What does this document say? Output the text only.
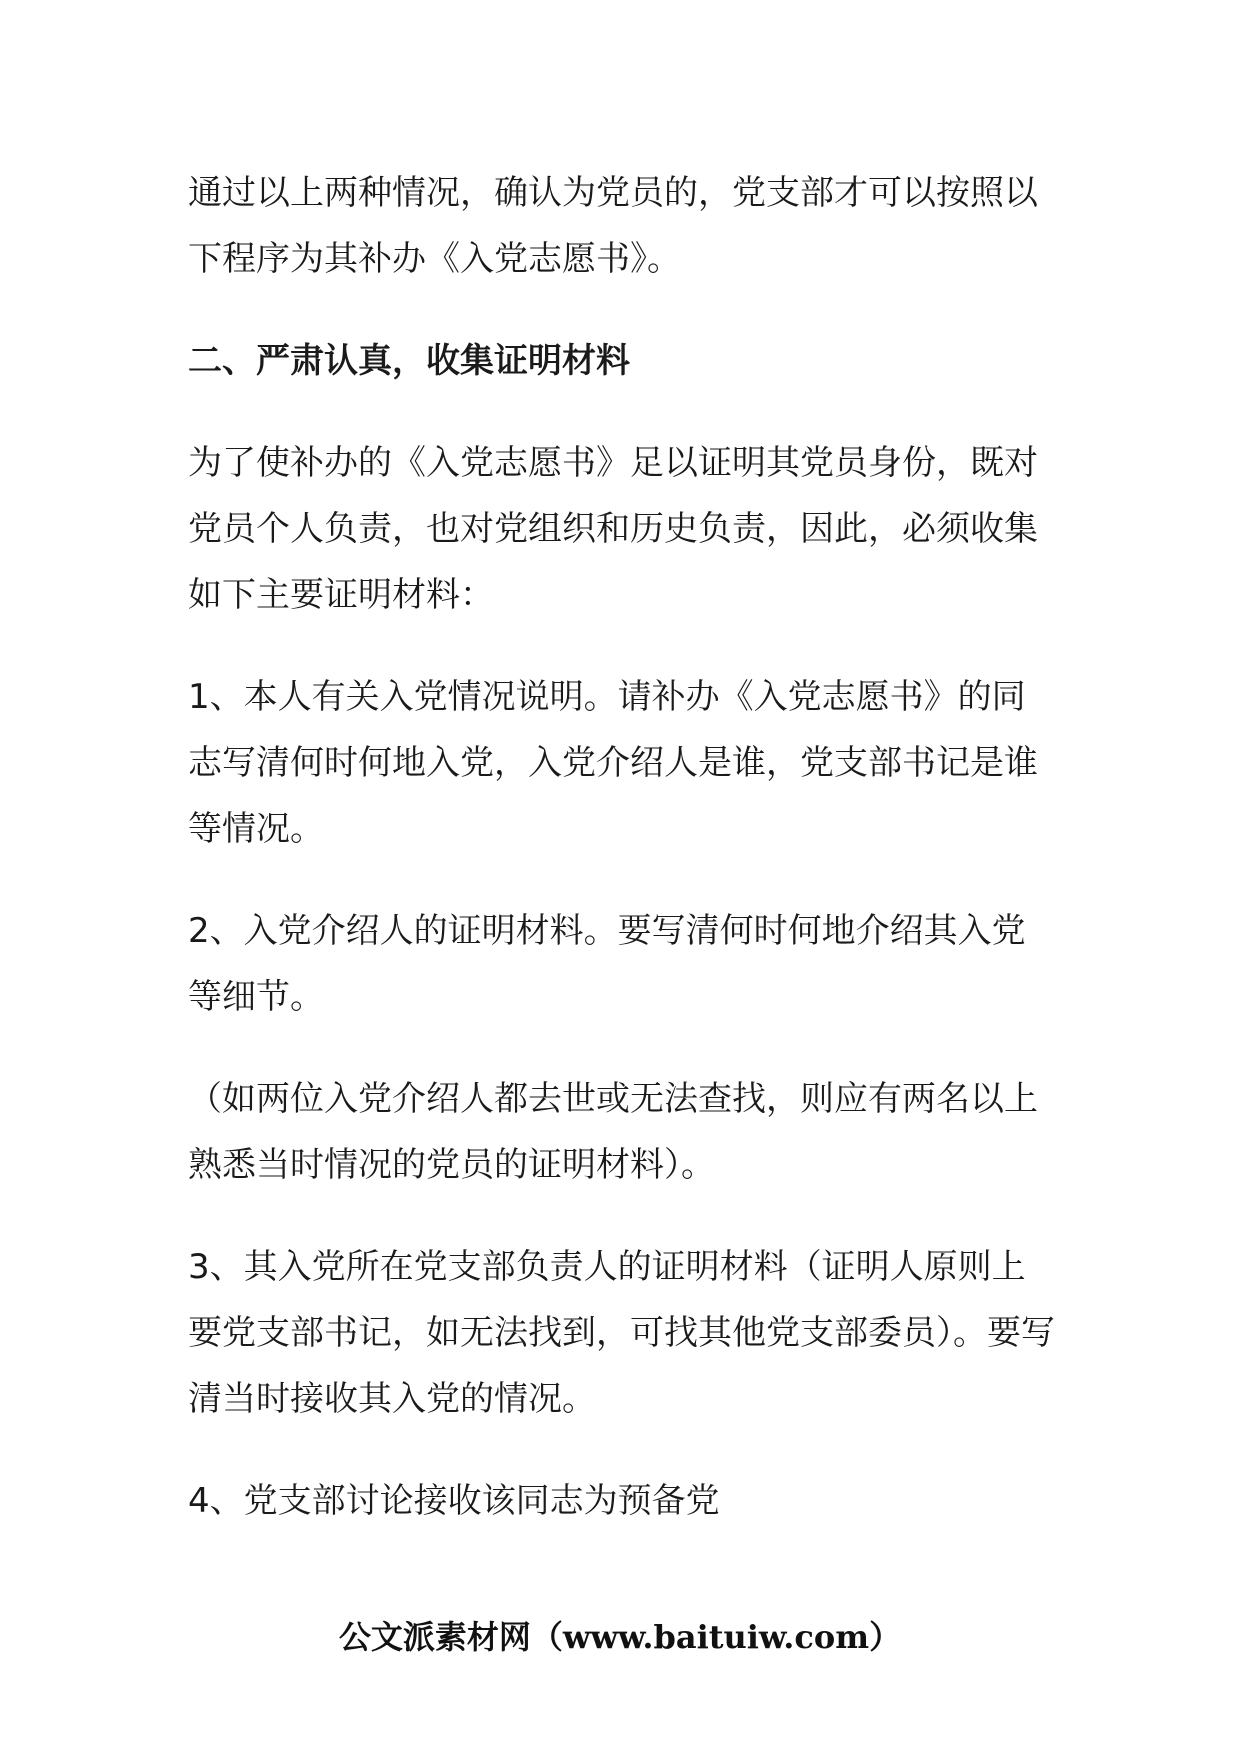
通过以上两种情况，确认为党员的，党支部才可以按照以下程序为其补办《入党志愿书》。

二、严肃认真，收集证明材料

为了使补办的《入党志愿书》足以证明其党员身份，既对党员个人负责，也对党组织和历史负责，因此，必须收集如下主要证明材料：

1、本人有关入党情况说明。请补办《入党志愿书》的同志写清何时何地入党，入党介绍人是谁，党支部书记是谁等情况。

2、入党介绍人的证明材料。要写清何时何地介绍其入党等细节。

（如两位入党介绍人都去世或无法查找，则应有两名以上熟悉当时情况的党员的证明材料）。

3、其入党所在党支部负责人的证明材料（证明人原则上要党支部书记，如无法找到，可找其他党支部委员）。要写清当时接收其入党的情况。

4、党支部讨论接收该同志为预备党

公文派素材网（www.baituiw.com）
